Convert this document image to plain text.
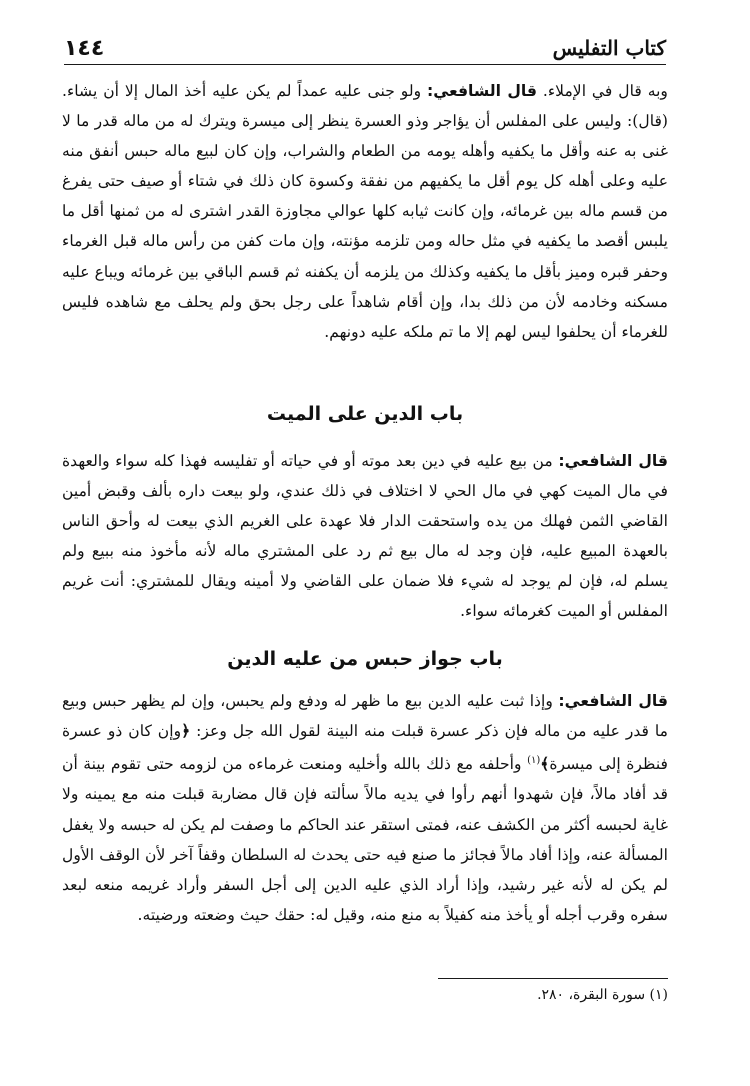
كتاب التفليس
١٤٤

وبه قال في الإملاء. قال الشافعي: ولو جنى عليه عمداً لم يكن عليه أخذ المال إلا أن يشاء. (قال): وليس على المفلس أن يؤاجر وذو العسرة ينظر إلى ميسرة ويترك له من ماله قدر ما لا غنى به عنه وأقل ما يكفيه وأهله يومه من الطعام والشراب، وإن كان لبيع ماله حبس أنفق منه عليه وعلى أهله كل يوم أقل ما يكفيهم من نفقة وكسوة كان ذلك في شتاء أو صيف حتى يفرغ من قسم ماله بين غرمائه، وإن كانت ثيابه كلها عوالي مجاوزة القدر اشترى له من ثمنها أقل ما يلبس أقصد ما يكفيه في مثل حاله ومن تلزمه مؤنته، وإن مات كفن من رأس ماله قبل الغرماء وحفر قبره وميز بأقل ما يكفيه وكذلك من يلزمه أن يكفنه ثم قسم الباقي بين غرمائه ويباع عليه مسكنه وخادمه لأن من ذلك بدا، وإن أقام شاهداً على رجل بحق ولم يحلف مع شاهده فليس للغرماء أن يحلفوا ليس لهم إلا ما تم ملكه عليه دونهم.

باب الدين على الميت

قال الشافعي: من بيع عليه في دين بعد موته أو في حياته أو تفليسه فهذا كله سواء والعهدة في مال الميت كهي في مال الحي لا اختلاف في ذلك عندي، ولو بيعت داره بألف وقبض أمين القاضي الثمن فهلك من يده واستحقت الدار فلا عهدة على الغريم الذي بيعت له وأحق الناس بالعهدة المبيع عليه، فإن وجد له مال بيع ثم رد على المشتري ماله لأنه مأخوذ منه ببيع ولم يسلم له، فإن لم يوجد له شيء فلا ضمان على القاضي ولا أمينه ويقال للمشتري: أنت غريم المفلس أو الميت كغرمائه سواء.

باب جواز حبس من عليه الدين

قال الشافعي: وإذا ثبت عليه الدين بيع ما ظهر له ودفع ولم يحبس، وإن لم يظهر حبس وبيع ما قدر عليه من ماله فإن ذكر عسرة قبلت منه البينة لقول الله جل وعز: ﴿وإن كان ذو عسرة فنظرة إلى ميسرة﴾$^{(١)}$ وأحلفه مع ذلك بالله وأخليه ومنعت غرماءه من لزومه حتى تقوم بينة أن قد أفاد مالاً، فإن شهدوا أنهم رأوا في يديه مالاً سألته فإن قال مضاربة قبلت منه مع يمينه ولا غاية لحبسه أكثر من الكشف عنه، فمتى استقر عند الحاكم ما وصفت لم يكن له حبسه ولا يغفل المسألة عنه، وإذا أفاد مالاً فجائز ما صنع فيه حتى يحدث له السلطان وقفاً آخر لأن الوقف الأول لم يكن له لأنه غير رشيد، وإذا أراد الذي عليه الدين إلى أجل السفر وأراد غريمه منعه لبعد سفره وقرب أجله أو يأخذ منه كفيلاً به منع منه، وقيل له: حقك حيث وضعته ورضيته.

(١) سورة البقرة، ٢٨٠.
